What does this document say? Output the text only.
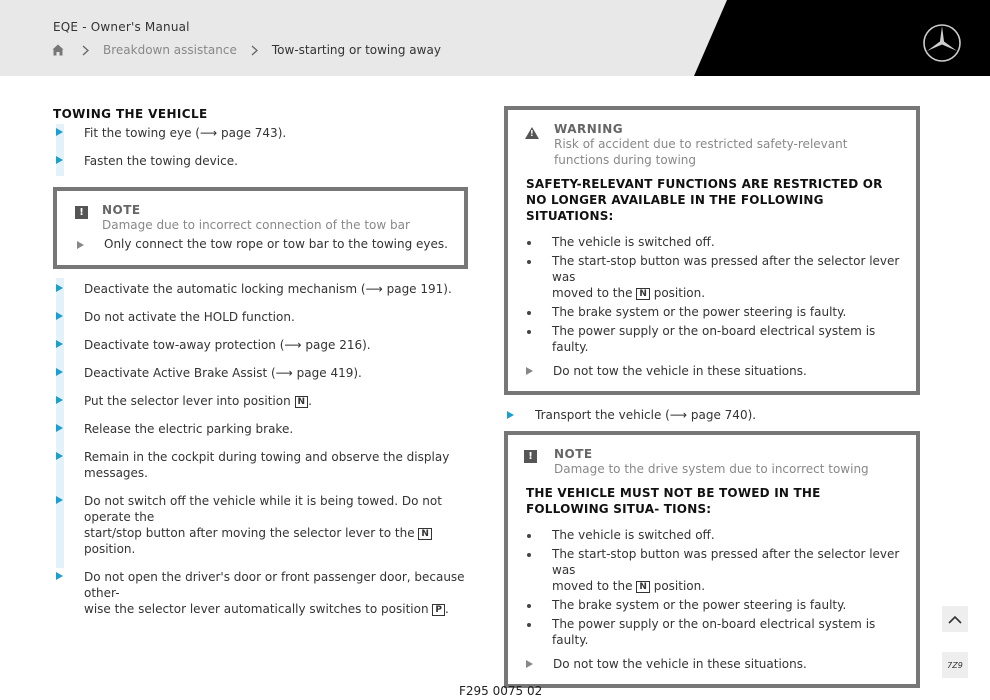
EQE - Owner's Manual
Breakdown assistance	Tow-starting or towing away
TOWING THE VEHICLE
Fit the towing eye (⟶ page 743).
Fasten the towing device.
!	NOTE
Damage due to incorrect connection of the tow bar
Only connect the tow rope or tow bar to the towing eyes.
Deactivate the automatic locking mechanism (⟶ page 191).
Do not activate the HOLD function.
Deactivate tow-away protection (⟶ page 216).
Deactivate Active Brake Assist (⟶ page 419).
Put the selector lever into position N .
Release the electric parking brake.
Remain in the cockpit during towing and observe the display messages.
Do not switch off the vehicle while it is being towed. Do not operate the
start/stop button after moving the selector lever to the N position.
Do not open the driver's door or front passenger door, because other-
wise the selector lever automatically switches to position P .
!
WARNING
Risk of accident due to restricted safety-relevant functions during towing
SAFETY-RELEVANT FUNCTIONS ARE RESTRICTED OR NO LONGER AVAILABLE IN THE FOLLOWING SITUATIONS:
The vehicle is switched off.
The start-stop button was pressed after the selector lever was
moved to the N position.
The brake system or the power steering is faulty.
The power supply or the on-board electrical system is faulty.
Do not tow the vehicle in these situations.
Transport the vehicle (⟶ page 740).
!	NOTE
Damage to the drive system due to incorrect towing
THE VEHICLE MUST NOT BE TOWED IN THE FOLLOWING SITUA- TIONS:
The vehicle is switched off.
The start-stop button was pressed after the selector lever was
moved to the N position.
The brake system or the power steering is faulty.
The power supply or the on-board electrical system is faulty.
Do not tow the vehicle in these situations.
F295 0075 02
7Ζ9
